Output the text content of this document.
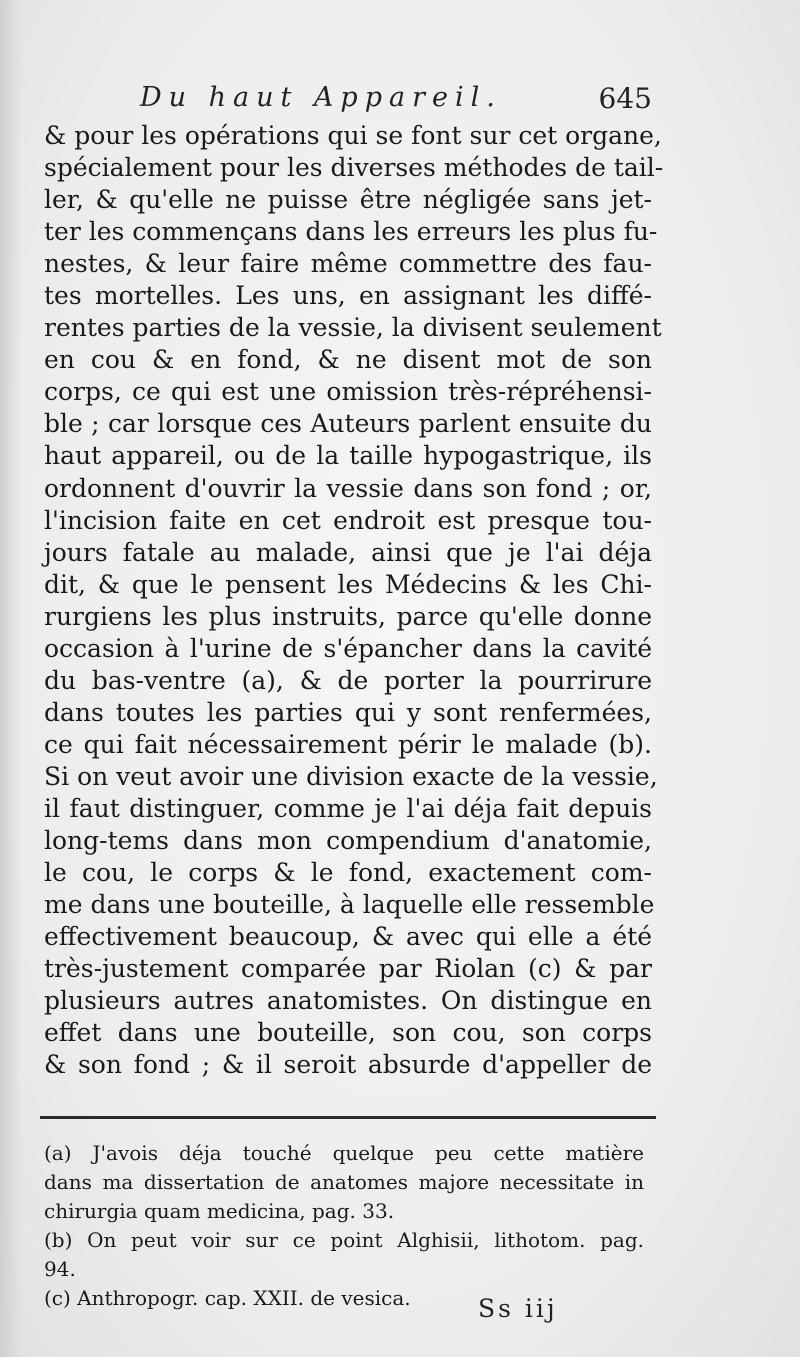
Du haut Appareil.	645
& pour les opérations qui se font sur cet organe,
spécialement pour les diverses méthodes de tail-
ler, & qu'elle ne puisse être négligée sans jet-
ter les commençans dans les erreurs les plus fu-
nestes, & leur faire même commettre des fau-
tes mortelles. Les uns, en assignant les diffé-
rentes parties de la vessie, la divisent seulement
en cou & en fond, & ne disent mot de son
corps, ce qui est une omission très-répréhensi-
ble ; car lorsque ces Auteurs parlent ensuite du
haut appareil, ou de la taille hypogastrique, ils
ordonnent d'ouvrir la vessie dans son fond ; or,
l'incision faite en cet endroit est presque tou-
jours fatale au malade, ainsi que je l'ai déja
dit, & que le pensent les Médecins & les Chi-
rurgiens les plus instruits, parce qu'elle donne
occasion à l'urine de s'épancher dans la cavité
du bas-ventre (a), & de porter la pourrirure
dans toutes les parties qui y sont renfermées,
ce qui fait nécessairement périr le malade (b).
Si on veut avoir une division exacte de la vessie,
il faut distinguer, comme je l'ai déja fait depuis
long-tems dans mon compendium d'anatomie,
le cou, le corps & le fond, exactement com-
me dans une bouteille, à laquelle elle ressemble
effectivement beaucoup, & avec qui elle a été
très-justement comparée par Riolan (c) & par
plusieurs autres anatomistes. On distingue en
effet dans une bouteille, son cou, son corps
& son fond ; & il seroit absurde d'appeller de
(a) J'avois déja touché quelque peu cette matière
dans ma dissertation de anatomes majore necessitate in
chirurgia quam medicina, pag. 33.
(b) On peut voir sur ce point Alghisii, lithotom. pag.
94.
(c) Anthropogr. cap. XXII. de vesica.	Ss iij
